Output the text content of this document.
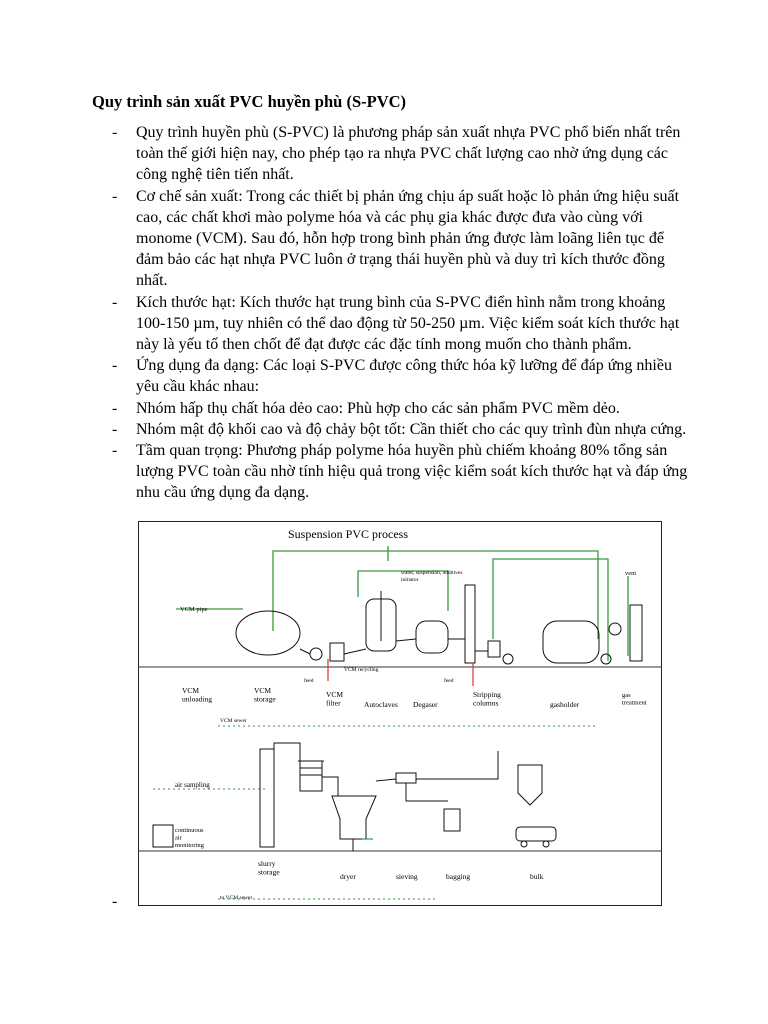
Quy trình sản xuất PVC huyền phù (S-PVC)
- Quy trình huyền phù (S-PVC) là phương pháp sản xuất nhựa PVC phổ biến nhất trên toàn thế giới hiện nay, cho phép tạo ra nhựa PVC chất lượng cao nhờ ứng dụng các công nghệ tiên tiến nhất.
- Cơ chế sản xuất: Trong các thiết bị phản ứng chịu áp suất hoặc lò phản ứng hiệu suất cao, các chất khơi mào polyme hóa và các phụ gia khác được đưa vào cùng với monome (VCM). Sau đó, hỗn hợp trong bình phản ứng được làm loãng liên tục để đảm bảo các hạt nhựa PVC luôn ở trạng thái huyền phù và duy trì kích thước đồng nhất.
- Kích thước hạt: Kích thước hạt trung bình của S-PVC điển hình nằm trong khoảng 100-150 µm, tuy nhiên có thể dao động từ 50-250 µm. Việc kiểm soát kích thước hạt này là yếu tố then chốt để đạt được các đặc tính mong muốn cho thành phẩm.
- Ứng dụng đa dạng: Các loại S-PVC được công thức hóa kỹ lưỡng để đáp ứng nhiều yêu cầu khác nhau:
- Nhóm hấp thụ chất hóa dẻo cao: Phù hợp cho các sản phẩm PVC mềm dẻo.
- Nhóm mật độ khối cao và độ chảy bột tốt: Cần thiết cho các quy trình đùn nhựa cứng.
- Tầm quan trọng: Phương pháp polyme hóa huyền phù chiếm khoảng 80% tổng sản lượng PVC toàn cầu nhờ tính hiệu quả trong việc kiểm soát kích thước hạt và đáp ứng nhu cầu ứng dụng đa dạng.
Suspension PVC process
vent
VCM pipe
feed	feed
VCM recycling
water, suspension, additives
initiator
VCM unloading
VCM storage
VCM filter	Autoclaves Degaser
Stripping columns	gasholder
gas treatment
VCM sewer
air sampling
continuous air monitoring
slurry storage	dryer	sieving	bagging	bulk
to VCM sewer
-
